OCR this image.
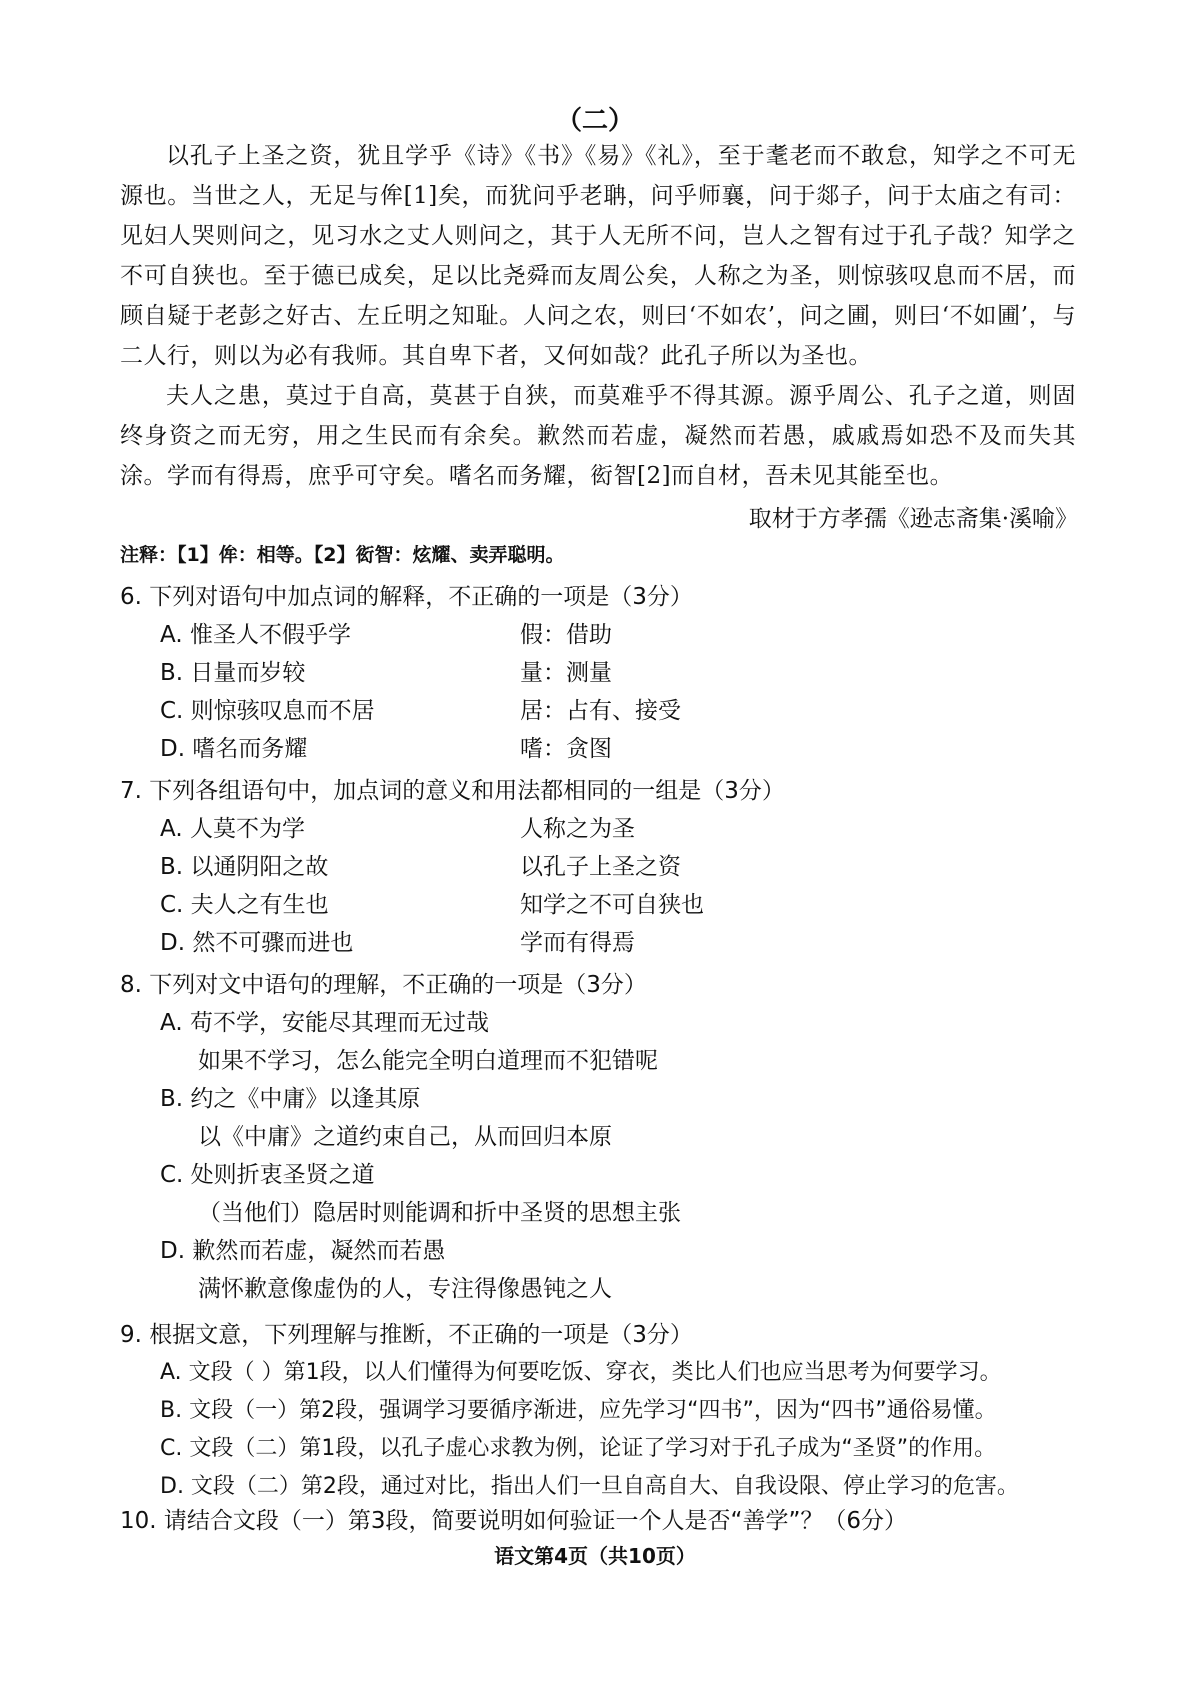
（二）

以孔子上圣之资，犹且学乎《诗》《书》《易》《礼》，至于耄老而不敢怠，知学之不可无源也。当世之人，无足与侔[1]矣，而犹问乎老聃，问乎师襄，问于郯子，问于太庙之有司：见妇人哭则问之，见习水之丈人则问之，其于人无所不问，岂人之智有过于孔子哉？知学之不可自狭也。至于德已成矣，足以比尧舜而友周公矣，人称之为圣，则惊骇叹息而不居，而顾自疑于老彭之好古、左丘明之知耻。人问之农，则曰‘不如农’，问之圃，则曰‘不如圃’，与二人行，则以为必有我师。其自卑下者，又何如哉？此孔子所以为圣也。

夫人之患，莫过于自高，莫甚于自狭，而莫难乎不得其源。源乎周公、孔子之道，则固终身资之而无穷，用之生民而有余矣。歉然而若虚，凝然而若愚，戚戚焉如恐不及而失其涂。学而有得焉，庶乎可守矣。嗜名而务耀，衒智[2]而自材，吾未见其能至也。

取材于方孝孺《逊志斋集·溪喻》
注释：【1】侔：相等。【2】衒智：炫耀、卖弄聪明。
6. 下列对语句中加点词的解释，不正确的一项是（3分）
A. 惟圣人不假乎学	假：借助
B. 日量而岁较	量：测量
C. 则惊骇叹息而不居	居：占有、接受
D. 嗜名而务耀	嗜：贪图
7. 下列各组语句中，加点词的意义和用法都相同的一组是（3分）
A. 人莫不为学	人称之为圣
B. 以通阴阳之故	以孔子上圣之资
C. 夫人之有生也	知学之不可自狭也
D. 然不可骤而进也	学而有得焉
8. 下列对文中语句的理解，不正确的一项是（3分）
A. 苟不学，安能尽其理而无过哉
如果不学习，怎么能完全明白道理而不犯错呢
B. 约之《中庸》以逢其原
以《中庸》之道约束自己，从而回归本原
C. 处则折衷圣贤之道
（当他们）隐居时则能调和折中圣贤的思想主张
D. 歉然而若虚，凝然而若愚
满怀歉意像虚伪的人，专注得像愚钝之人
9. 根据文意，下列理解与推断，不正确的一项是（3分）
A. 文段（ ）第1段，以人们懂得为何要吃饭、穿衣，类比人们也应当思考为何要学习。
B. 文段（一）第2段，强调学习要循序渐进，应先学习“四书”，因为“四书”通俗易懂。
C. 文段（二）第1段，以孔子虚心求教为例，论证了学习对于孔子成为“圣贤”的作用。
D. 文段（二）第2段，通过对比，指出人们一旦自高自大、自我设限、停止学习的危害。
10. 请结合文段（一）第3段，简要说明如何验证一个人是否“善学”？（6分）
语文第4页（共10页）
